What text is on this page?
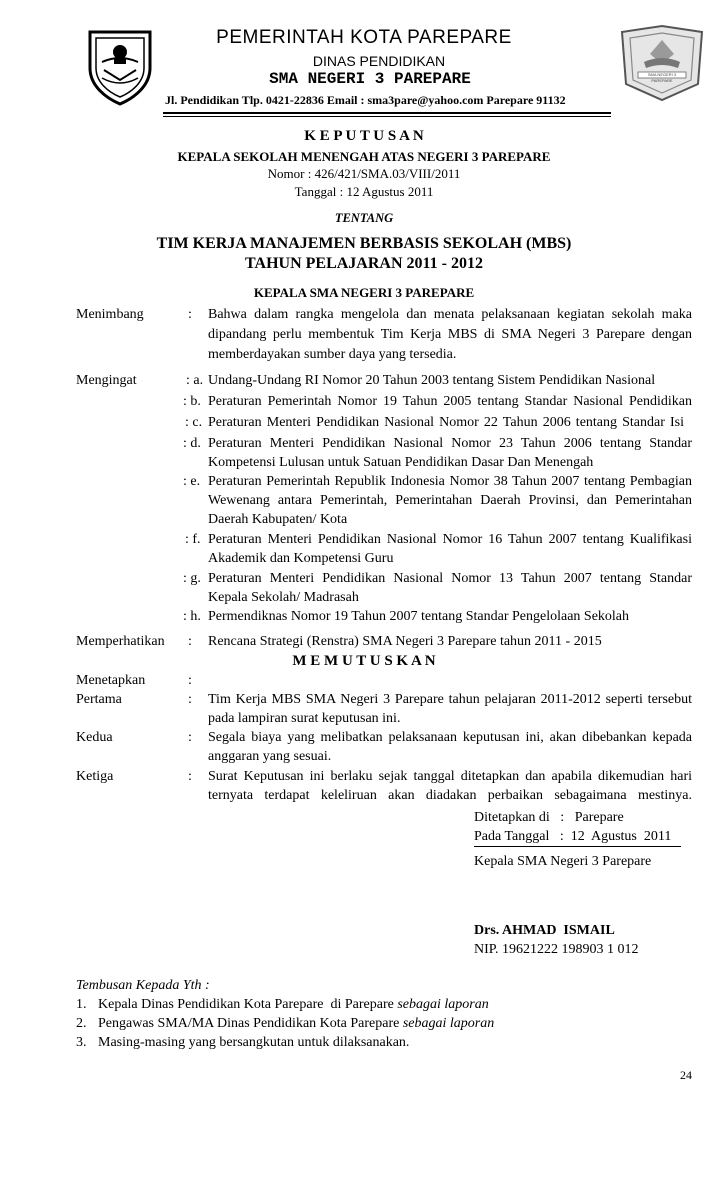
PEMERINTAH KOTA PAREPARE
DINAS PENDIDIKAN
SMA NEGERI 3 PAREPARE	SMA NEGERI 3 PAREPARE
Jl. Pendidikan Tlp. 0421-22836 Email : sma3pare@yahoo.com Parepare 91132
K E P U T U S A N
KEPALA SEKOLAH MENENGAH ATAS NEGERI 3 PAREPARE
Nomor : 426/421/SMA.03/VIII/2011
Tanggal : 12 Agustus 2011
TENTANG
TIM KERJA MANAJEMEN BERBASIS SEKOLAH (MBS)
TAHUN PELAJARAN 2011 - 2012
KEPALA SMA NEGERI 3 PAREPARE
Menimbang	: Bahwa dalam rangka mengelola dan menata pelaksanaan kegiatan sekolah maka
dipandang perlu membentuk Tim Kerja MBS di SMA Negeri 3 Parepare dengan
memberdayakan sumber daya yang tersedia.
Mengingat	: a. Undang-Undang RI Nomor 20 Tahun 2003 tentang Sistem Pendidikan Nasional
: b. Peraturan Pemerintah Nomor 19 Tahun 2005 tentang Standar Nasional Pendidikan
: c. Peraturan Menteri Pendidikan Nasional Nomor 22 Tahun 2006 tentang Standar Isi
: d. Peraturan Menteri Pendidikan Nasional Nomor 23 Tahun 2006 tentang Standar
Kompetensi Lulusan untuk Satuan Pendidikan Dasar Dan Menengah
: e. Peraturan Pemerintah Republik Indonesia Nomor 38 Tahun 2007 tentang Pembagian
Wewenang antara Pemerintah, Pemerintahan Daerah Provinsi, dan Pemerintahan
Daerah Kabupaten/ Kota
: f. Peraturan Menteri Pendidikan Nasional Nomor 16 Tahun 2007 tentang Kualifikasi
Akademik dan Kompetensi Guru
: g. Peraturan Menteri Pendidikan Nasional Nomor 13 Tahun 2007 tentang Standar
Kepala Sekolah/ Madrasah
: h. Permendiknas Nomor 19 Tahun 2007 tentang Standar Pengelolaan Sekolah
Memperhatikan : Rencana Strategi (Renstra) SMA Negeri 3 Parepare tahun 2011 - 2015
M E M U T U S K A N
Menetapkan	:
Pertama	: Tim Kerja MBS SMA Negeri 3 Parepare tahun pelajaran 2011-2012 seperti tersebut
pada lampiran surat keputusan ini.
Kedua	: Segala biaya yang melibatkan pelaksanaan keputusan ini, akan dibebankan kepada
anggaran yang sesuai.
Ketiga	: Surat Keputusan ini berlaku sejak tanggal ditetapkan dan apabila dikemudian hari
ternyata terdapat keleliruan akan diadakan perbaikan sebagaimana mestinya.
Ditetapkan di   :   Parepare
Pada Tanggal   :  12  Agustus  2011
Kepala SMA Negeri 3 Parepare
Drs. AHMAD  ISMAIL
NIP. 19621222 198903 1 012
Tembusan Kepada Yth :
1. Kepala Dinas Pendidikan Kota Parepare  di Parepare sebagai laporan
2. Pengawas SMA/MA Dinas Pendidikan Kota Parepare sebagai laporan
3. Masing-masing yang bersangkutan untuk dilaksanakan.
24
